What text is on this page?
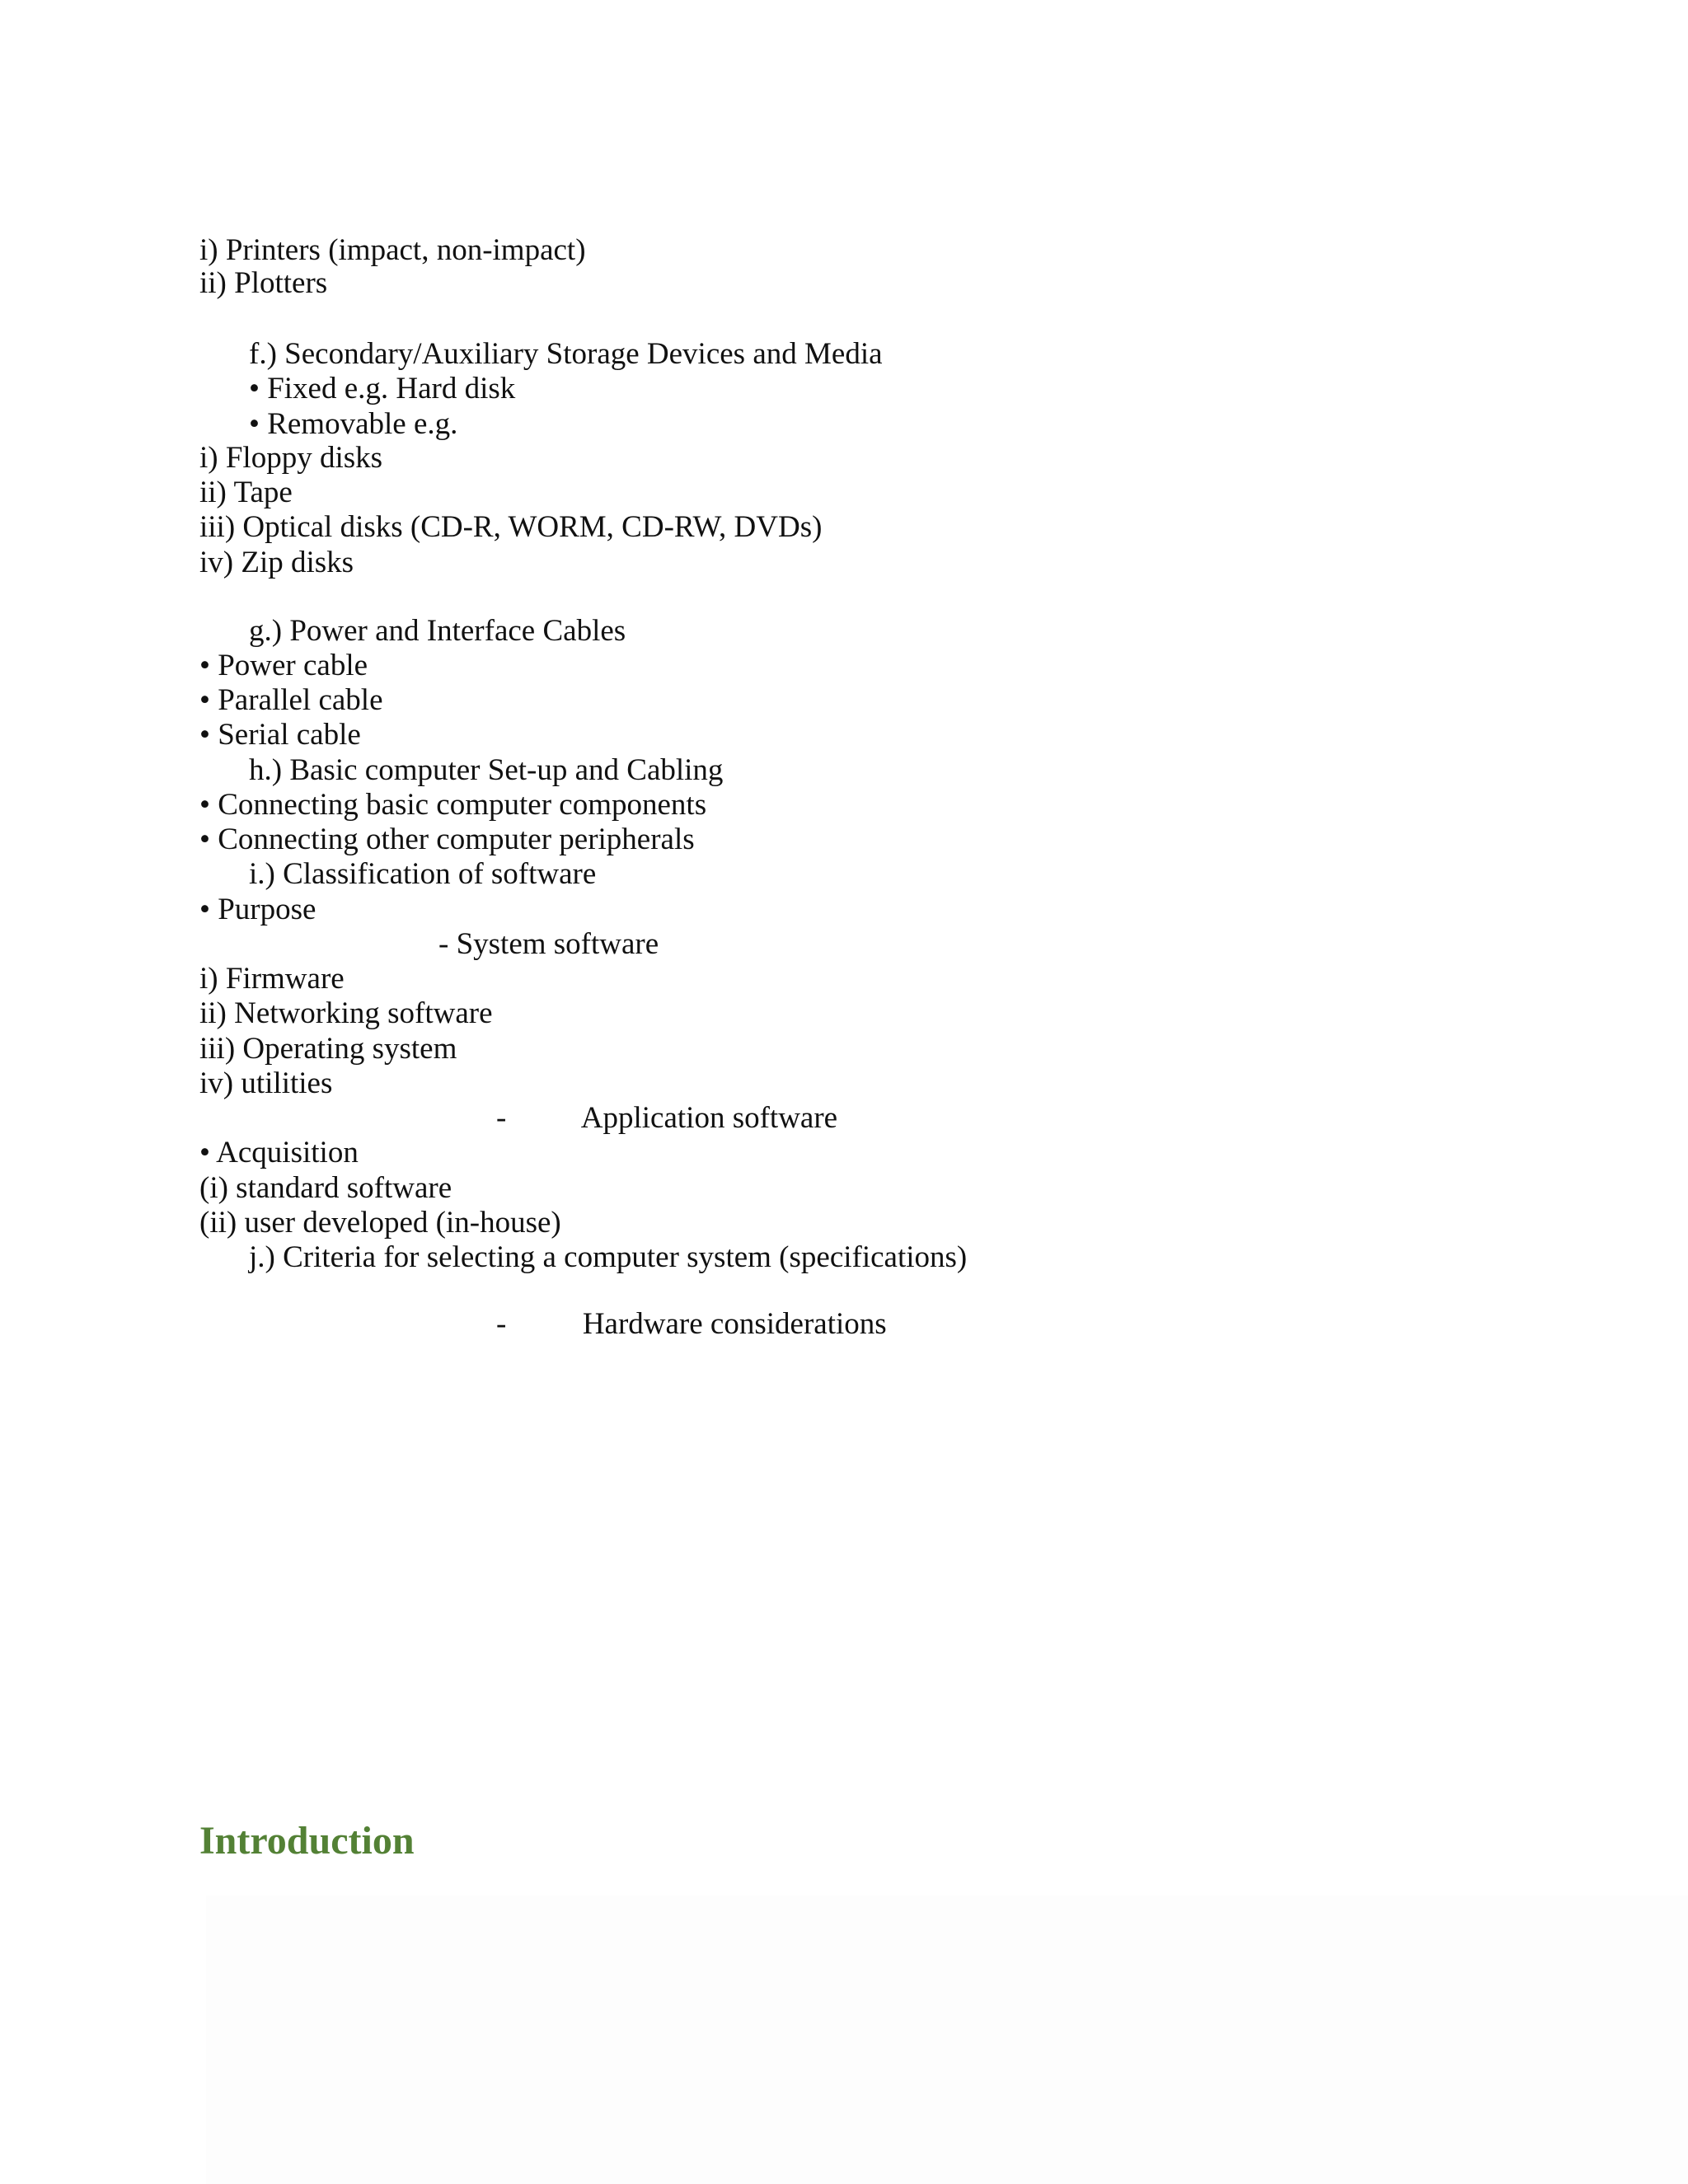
i) Printers (impact, non-impact)
ii) Plotters
f.) Secondary/Auxiliary Storage Devices and Media
• Fixed e.g. Hard disk
• Removable e.g.
i) Floppy disks
ii) Tape
iii) Optical disks (CD-R, WORM, CD-RW, DVDs)
iv) Zip disks
g.) Power and Interface Cables
• Power cable
• Parallel cable
• Serial cable
h.) Basic computer Set-up and Cabling
• Connecting basic computer components
• Connecting other computer peripherals
i.) Classification of software
• Purpose
- System software
i) Firmware
ii) Networking software
iii) Operating system
iv) utilities
-          Application software
• Acquisition
(i) standard software
(ii) user developed (in-house)
j.) Criteria for selecting a computer system (specifications)
-          Hardware considerations
Introduction
